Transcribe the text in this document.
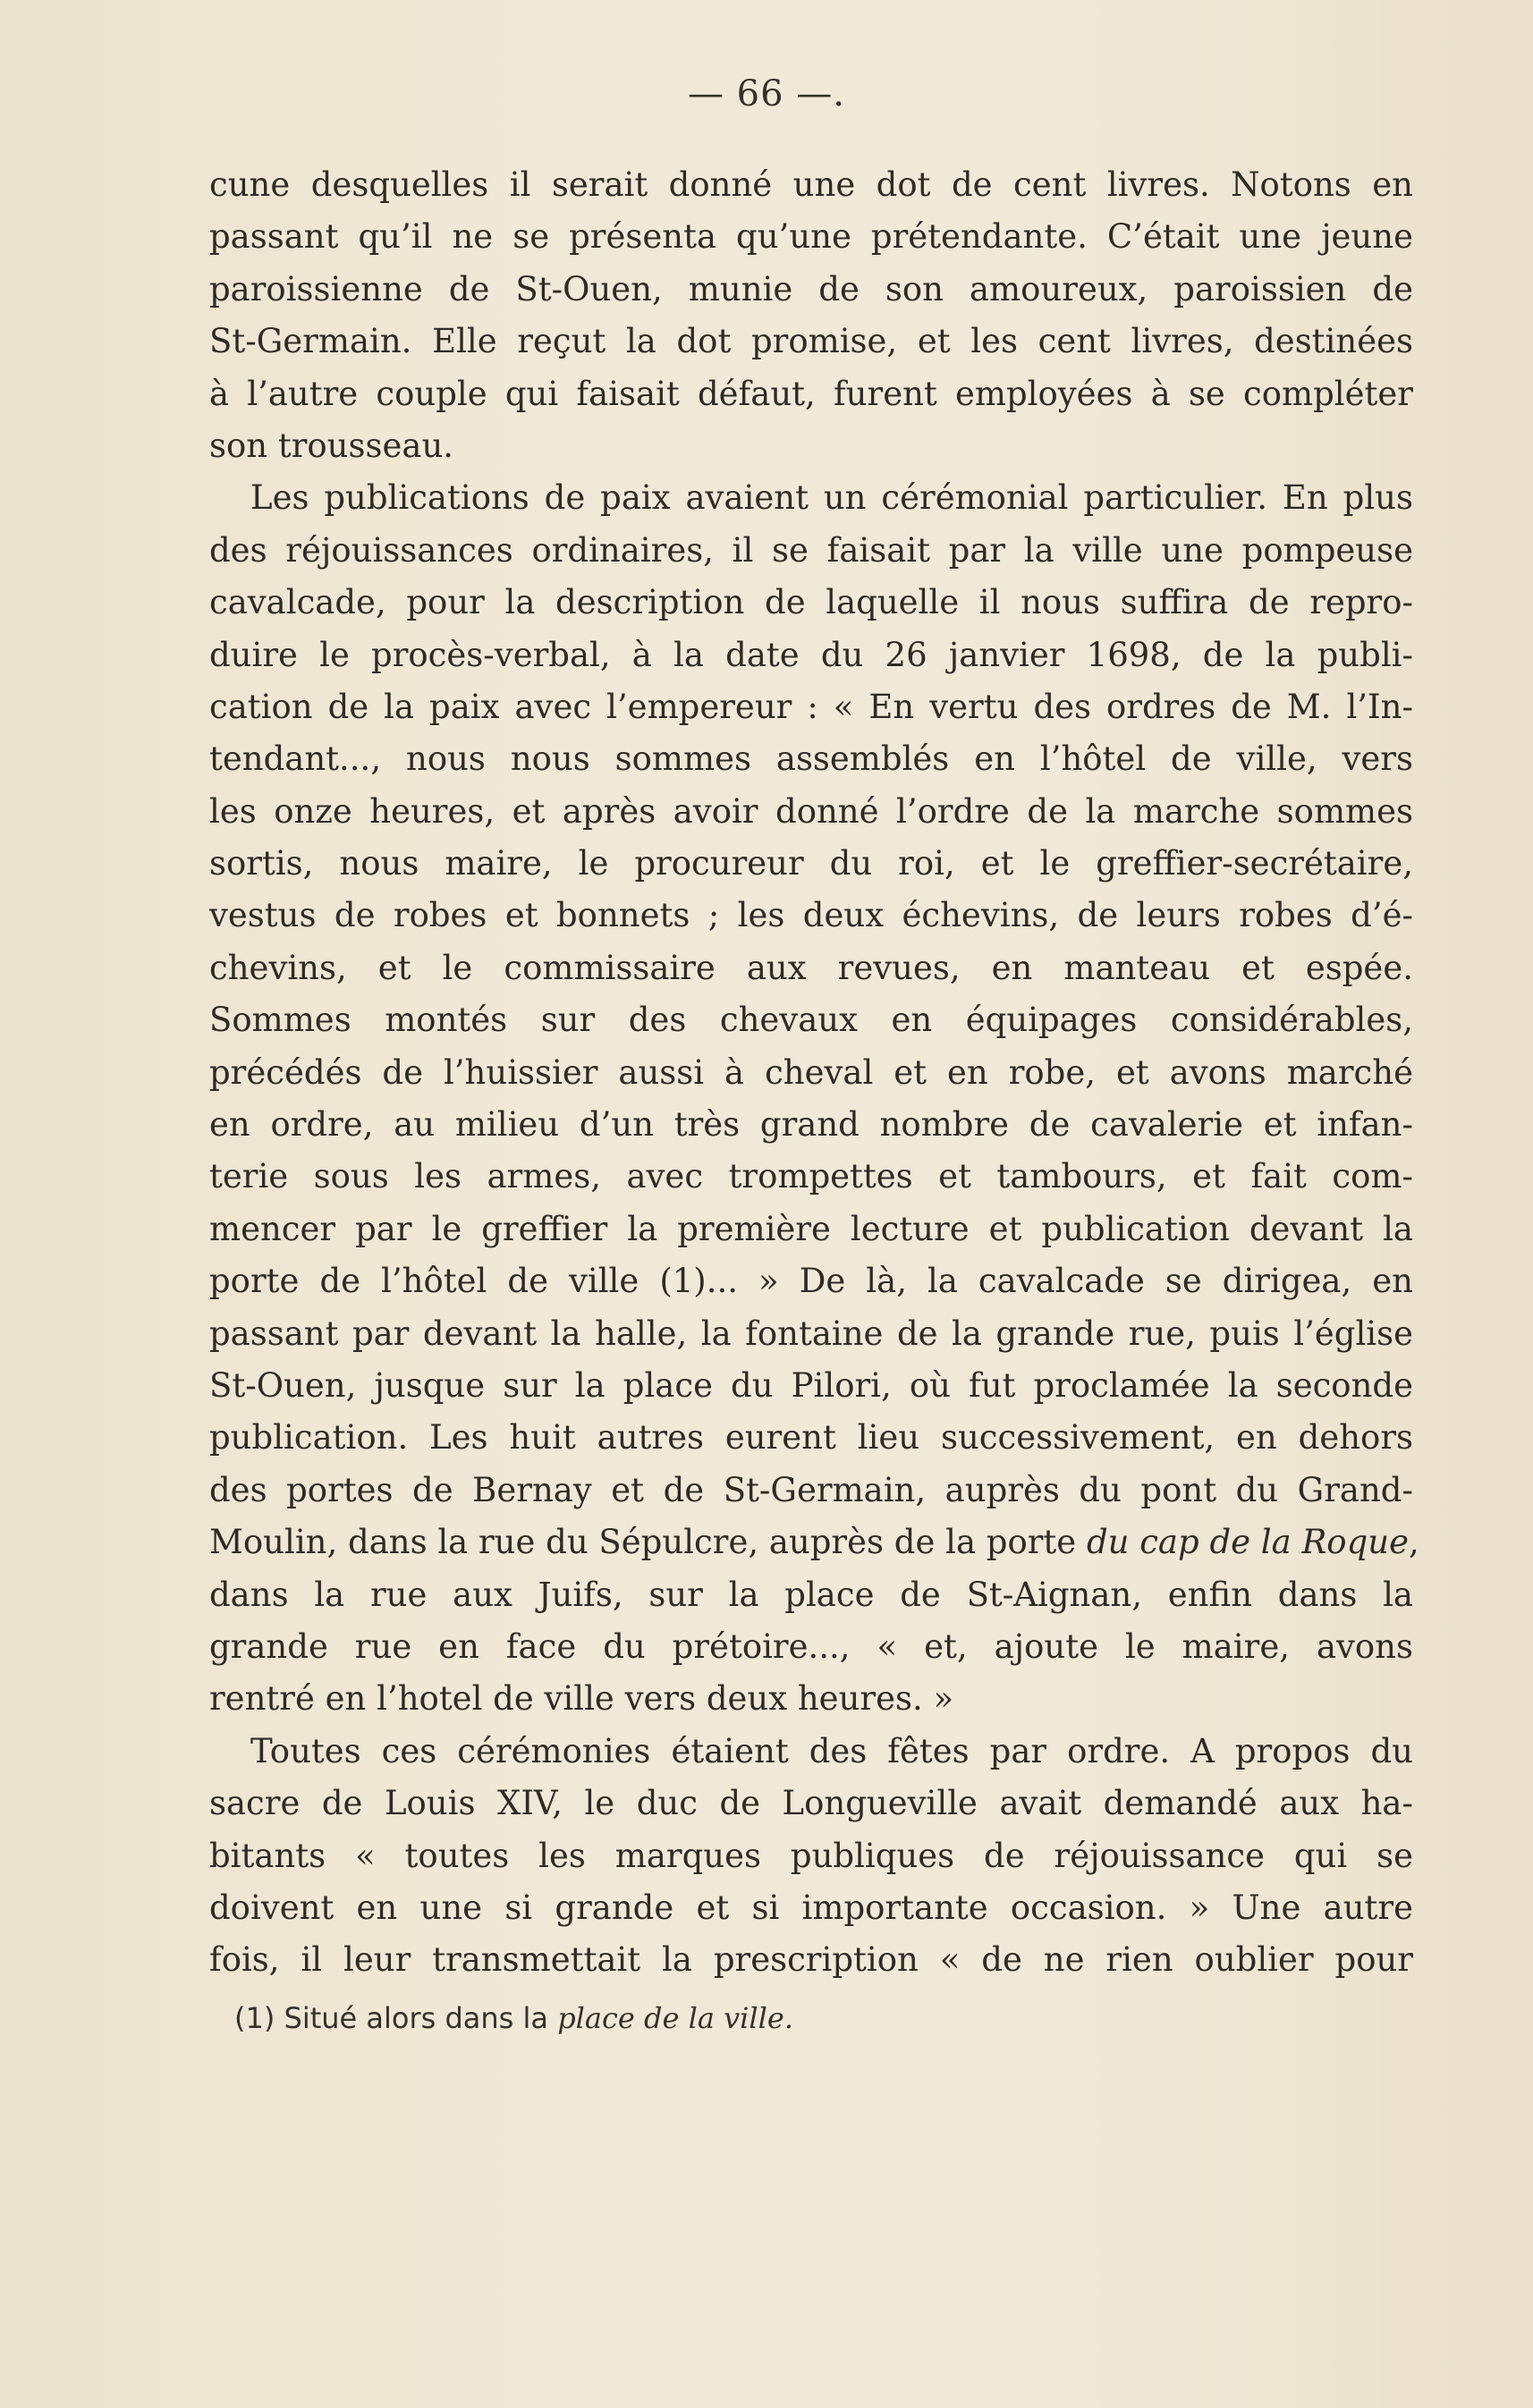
— 66 —.
cune desquelles il serait donné une dot de cent livres. Notons en
passant qu’il ne se présenta qu’une prétendante. C’était une jeune
paroissienne de St-Ouen, munie de son amoureux, paroissien de
St-Germain. Elle reçut la dot promise, et les cent livres, destinées
à l’autre couple qui faisait défaut, furent employées à se compléter
son trousseau.
Les publications de paix avaient un cérémonial particulier. En plus
des réjouissances ordinaires, il se faisait par la ville une pompeuse
cavalcade, pour la description de laquelle il nous suffira de repro-
duire le procès-verbal, à la date du 26 janvier 1698, de la publi-
cation de la paix avec l’empereur : « En vertu des ordres de M. l’In-
tendant..., nous nous sommes assemblés en l’hôtel de ville, vers
les onze heures, et après avoir donné l’ordre de la marche sommes
sortis, nous maire, le procureur du roi, et le greffier-secrétaire,
vestus de robes et bonnets ; les deux échevins, de leurs robes d’é-
chevins, et le commissaire aux revues, en manteau et espée.
Sommes montés sur des chevaux en équipages considérables,
précédés de l’huissier aussi à cheval et en robe, et avons marché
en ordre, au milieu d’un très grand nombre de cavalerie et infan-
terie sous les armes, avec trompettes et tambours, et fait com-
mencer par le greffier la première lecture et publication devant la
porte de l’hôtel de ville (1)... » De là, la cavalcade se dirigea, en
passant par devant la halle, la fontaine de la grande rue, puis l’église
St-Ouen, jusque sur la place du Pilori, où fut proclamée la seconde
publication. Les huit autres eurent lieu successivement, en dehors
des portes de Bernay et de St-Germain, auprès du pont du Grand-
Moulin, dans la rue du Sépulcre, auprès de la porte du cap de la Roque,
dans la rue aux Juifs, sur la place de St-Aignan, enfin dans la
grande rue en face du prétoire..., « et, ajoute le maire, avons
rentré en l’hotel de ville vers deux heures. »
Toutes ces cérémonies étaient des fêtes par ordre. A propos du
sacre de Louis XIV, le duc de Longueville avait demandé aux ha-
bitants « toutes les marques publiques de réjouissance qui se
doivent en une si grande et si importante occasion. » Une autre
fois, il leur transmettait la prescription « de ne rien oublier pour
(1) Situé alors dans la place de la ville.
